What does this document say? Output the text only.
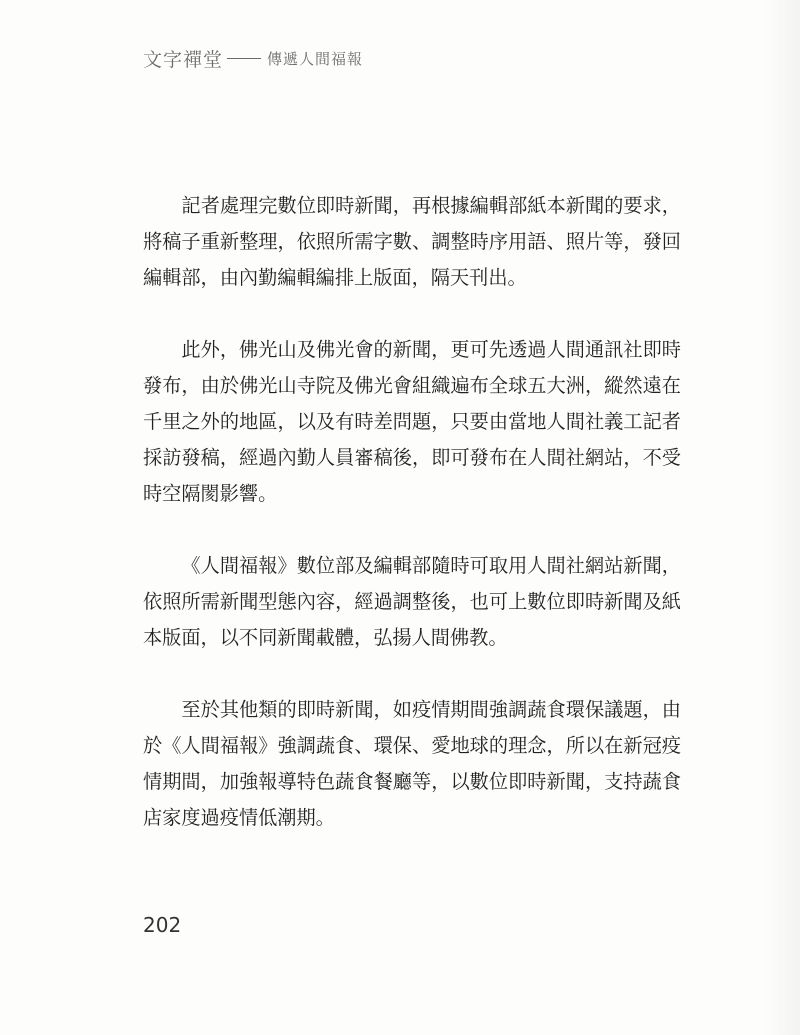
文字禪堂	傳遞人間福報

記者處理完數位即時新聞，再根據編輯部紙本新聞的要求，將稿子重新整理，依照所需字數、調整時序用語、照片等，發回編輯部，由內勤編輯編排上版面，隔天刊出。

此外，佛光山及佛光會的新聞，更可先透過人間通訊社即時發布，由於佛光山寺院及佛光會組織遍布全球五大洲，縱然遠在千里之外的地區，以及有時差問題，只要由當地人間社義工記者採訪發稿，經過內勤人員審稿後，即可發布在人間社網站，不受時空隔閡影響。

《人間福報》數位部及編輯部隨時可取用人間社網站新聞，依照所需新聞型態內容，經過調整後，也可上數位即時新聞及紙本版面，以不同新聞載體，弘揚人間佛教。

至於其他類的即時新聞，如疫情期間強調蔬食環保議題，由於《人間福報》強調蔬食、環保、愛地球的理念，所以在新冠疫情期間，加強報導特色蔬食餐廳等，以數位即時新聞，支持蔬食店家度過疫情低潮期。

202
